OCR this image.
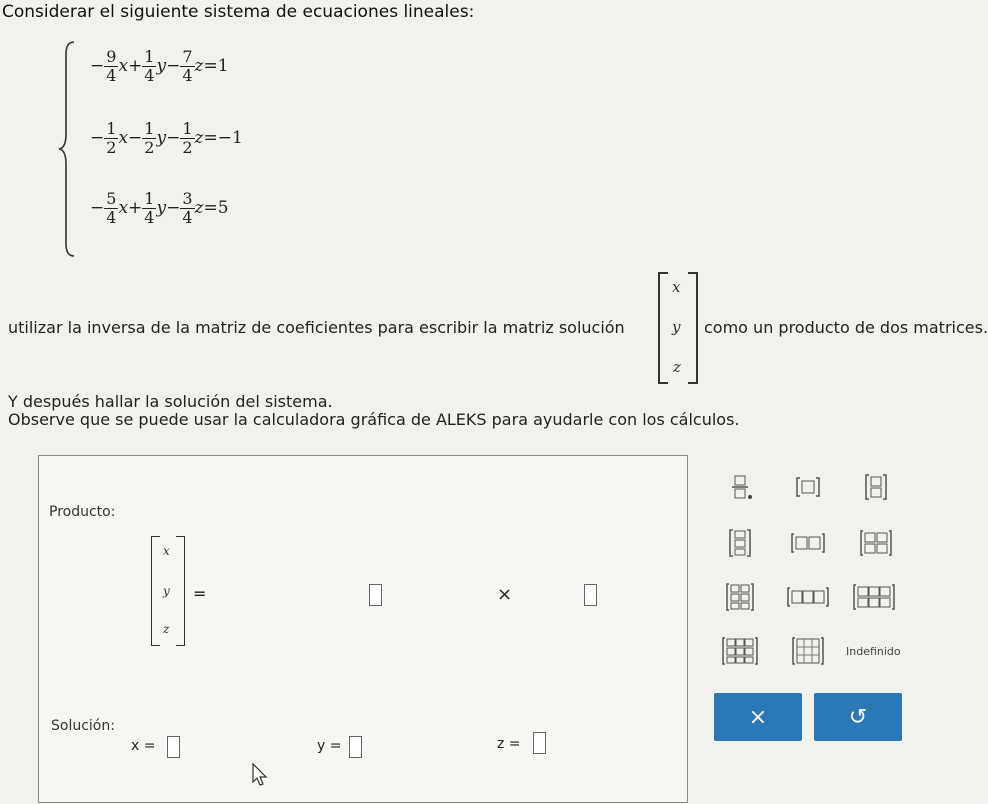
Considerar el siguiente sistema de ecuaciones lineales:
− $\frac{9}{4} x+ \frac{1}{4} y- \frac{7}{4} z=1$
− $\frac{1}{2} x- \frac{1}{2} y- \frac{1}{2} z=-1$
− $\frac{5}{4} x+ \frac{1}{4} y- \frac{3}{4} z=5$
utilizar la inversa de la matriz de coeficientes para escribir la matriz solución
x
y
z
como un producto de dos matrices.
Y después hallar la solución del sistema.
Observe que se puede usar la calculadora gráfica de ALEKS para ayudarle con los cálculos.
Producto:
x
y
z
=	×
Solución:
x =	y =	z =
Indefinido
×	↺
